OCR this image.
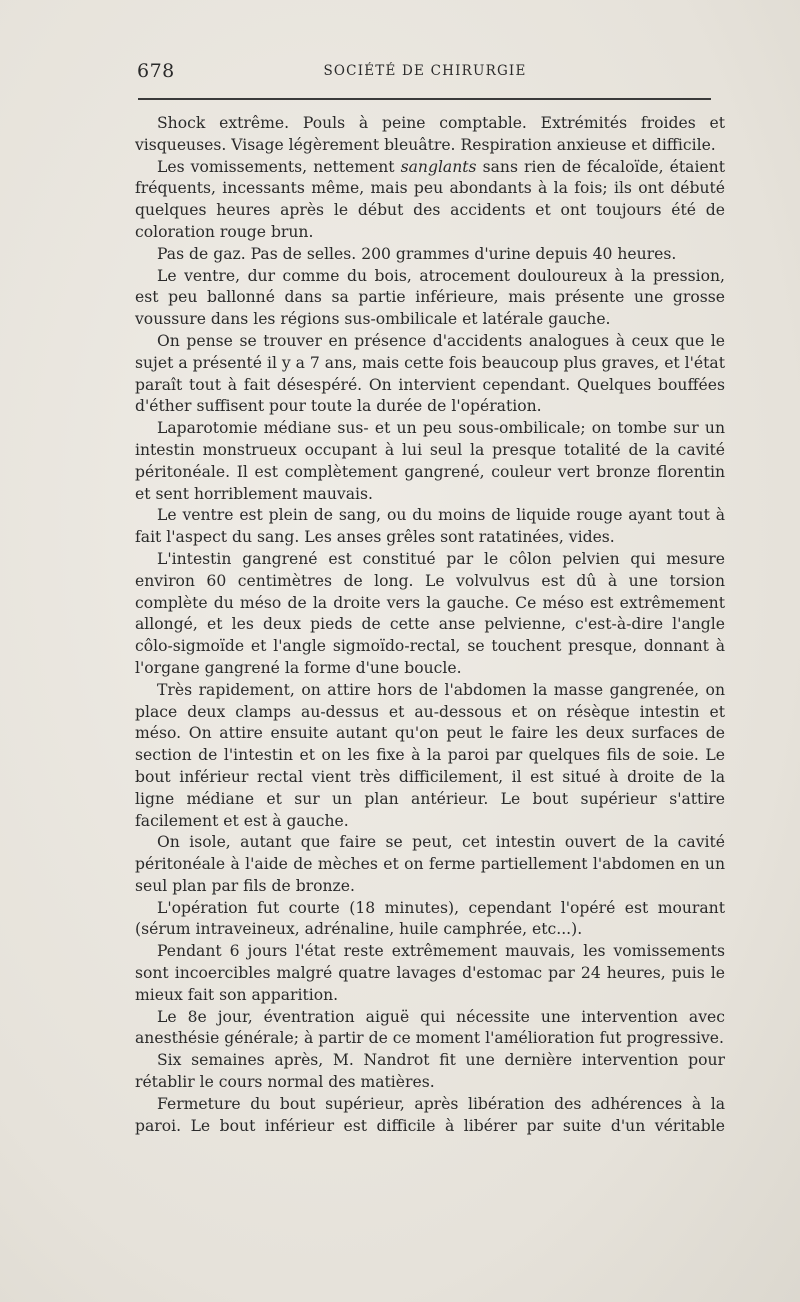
678	SOCIÉTÉ DE CHIRURGIE

Shock extrême. Pouls à peine comptable. Extrémités froides et visqueuses. Visage légèrement bleuâtre. Respiration anxieuse et difficile.

Les vomissements, nettement sanglants sans rien de fécaloïde, étaient fréquents, incessants même, mais peu abondants à la fois; ils ont débuté quelques heures après le début des accidents et ont toujours été de coloration rouge brun.

Pas de gaz. Pas de selles. 200 grammes d'urine depuis 40 heures.

Le ventre, dur comme du bois, atrocement douloureux à la pression, est peu ballonné dans sa partie inférieure, mais présente une grosse voussure dans les régions sus-ombilicale et latérale gauche.

On pense se trouver en présence d'accidents analogues à ceux que le sujet a présenté il y a 7 ans, mais cette fois beaucoup plus graves, et l'état paraît tout à fait désespéré. On intervient cependant. Quelques bouffées d'éther suffisent pour toute la durée de l'opération.

Laparotomie médiane sus- et un peu sous-ombilicale; on tombe sur un intestin monstrueux occupant à lui seul la presque totalité de la cavité péritonéale. Il est complètement gangrené, couleur vert bronze florentin et sent horriblement mauvais.

Le ventre est plein de sang, ou du moins de liquide rouge ayant tout à fait l'aspect du sang. Les anses grêles sont ratatinées, vides.

L'intestin gangrené est constitué par le côlon pelvien qui mesure environ 60 centimètres de long. Le volvulvus est dû à une torsion complète du méso de la droite vers la gauche. Ce méso est extrêmement allongé, et les deux pieds de cette anse pelvienne, c'est-à-dire l'angle côlo-sigmoïde et l'angle sigmoïdo-rectal, se touchent presque, donnant à l'organe gangrené la forme d'une boucle.

Très rapidement, on attire hors de l'abdomen la masse gangrenée, on place deux clamps au-dessus et au-dessous et on résèque intestin et méso. On attire ensuite autant qu'on peut le faire les deux surfaces de section de l'intestin et on les fixe à la paroi par quelques fils de soie. Le bout inférieur rectal vient très difficilement, il est situé à droite de la ligne médiane et sur un plan antérieur. Le bout supérieur s'attire facilement et est à gauche.

On isole, autant que faire se peut, cet intestin ouvert de la cavité péritonéale à l'aide de mèches et on ferme partiellement l'abdomen en un seul plan par fils de bronze.

L'opération fut courte (18 minutes), cependant l'opéré est mourant (sérum intraveineux, adrénaline, huile camphrée, etc...).

Pendant 6 jours l'état reste extrêmement mauvais, les vomissements sont incoercibles malgré quatre lavages d'estomac par 24 heures, puis le mieux fait son apparition.

Le 8e jour, éventration aiguë qui nécessite une intervention avec anesthésie générale; à partir de ce moment l'amélioration fut progressive.

Six semaines après, M. Nandrot fit une dernière intervention pour rétablir le cours normal des matières.

Fermeture du bout supérieur, après libération des adhérences à la paroi. Le bout inférieur est difficile à libérer par suite d'un véritable
